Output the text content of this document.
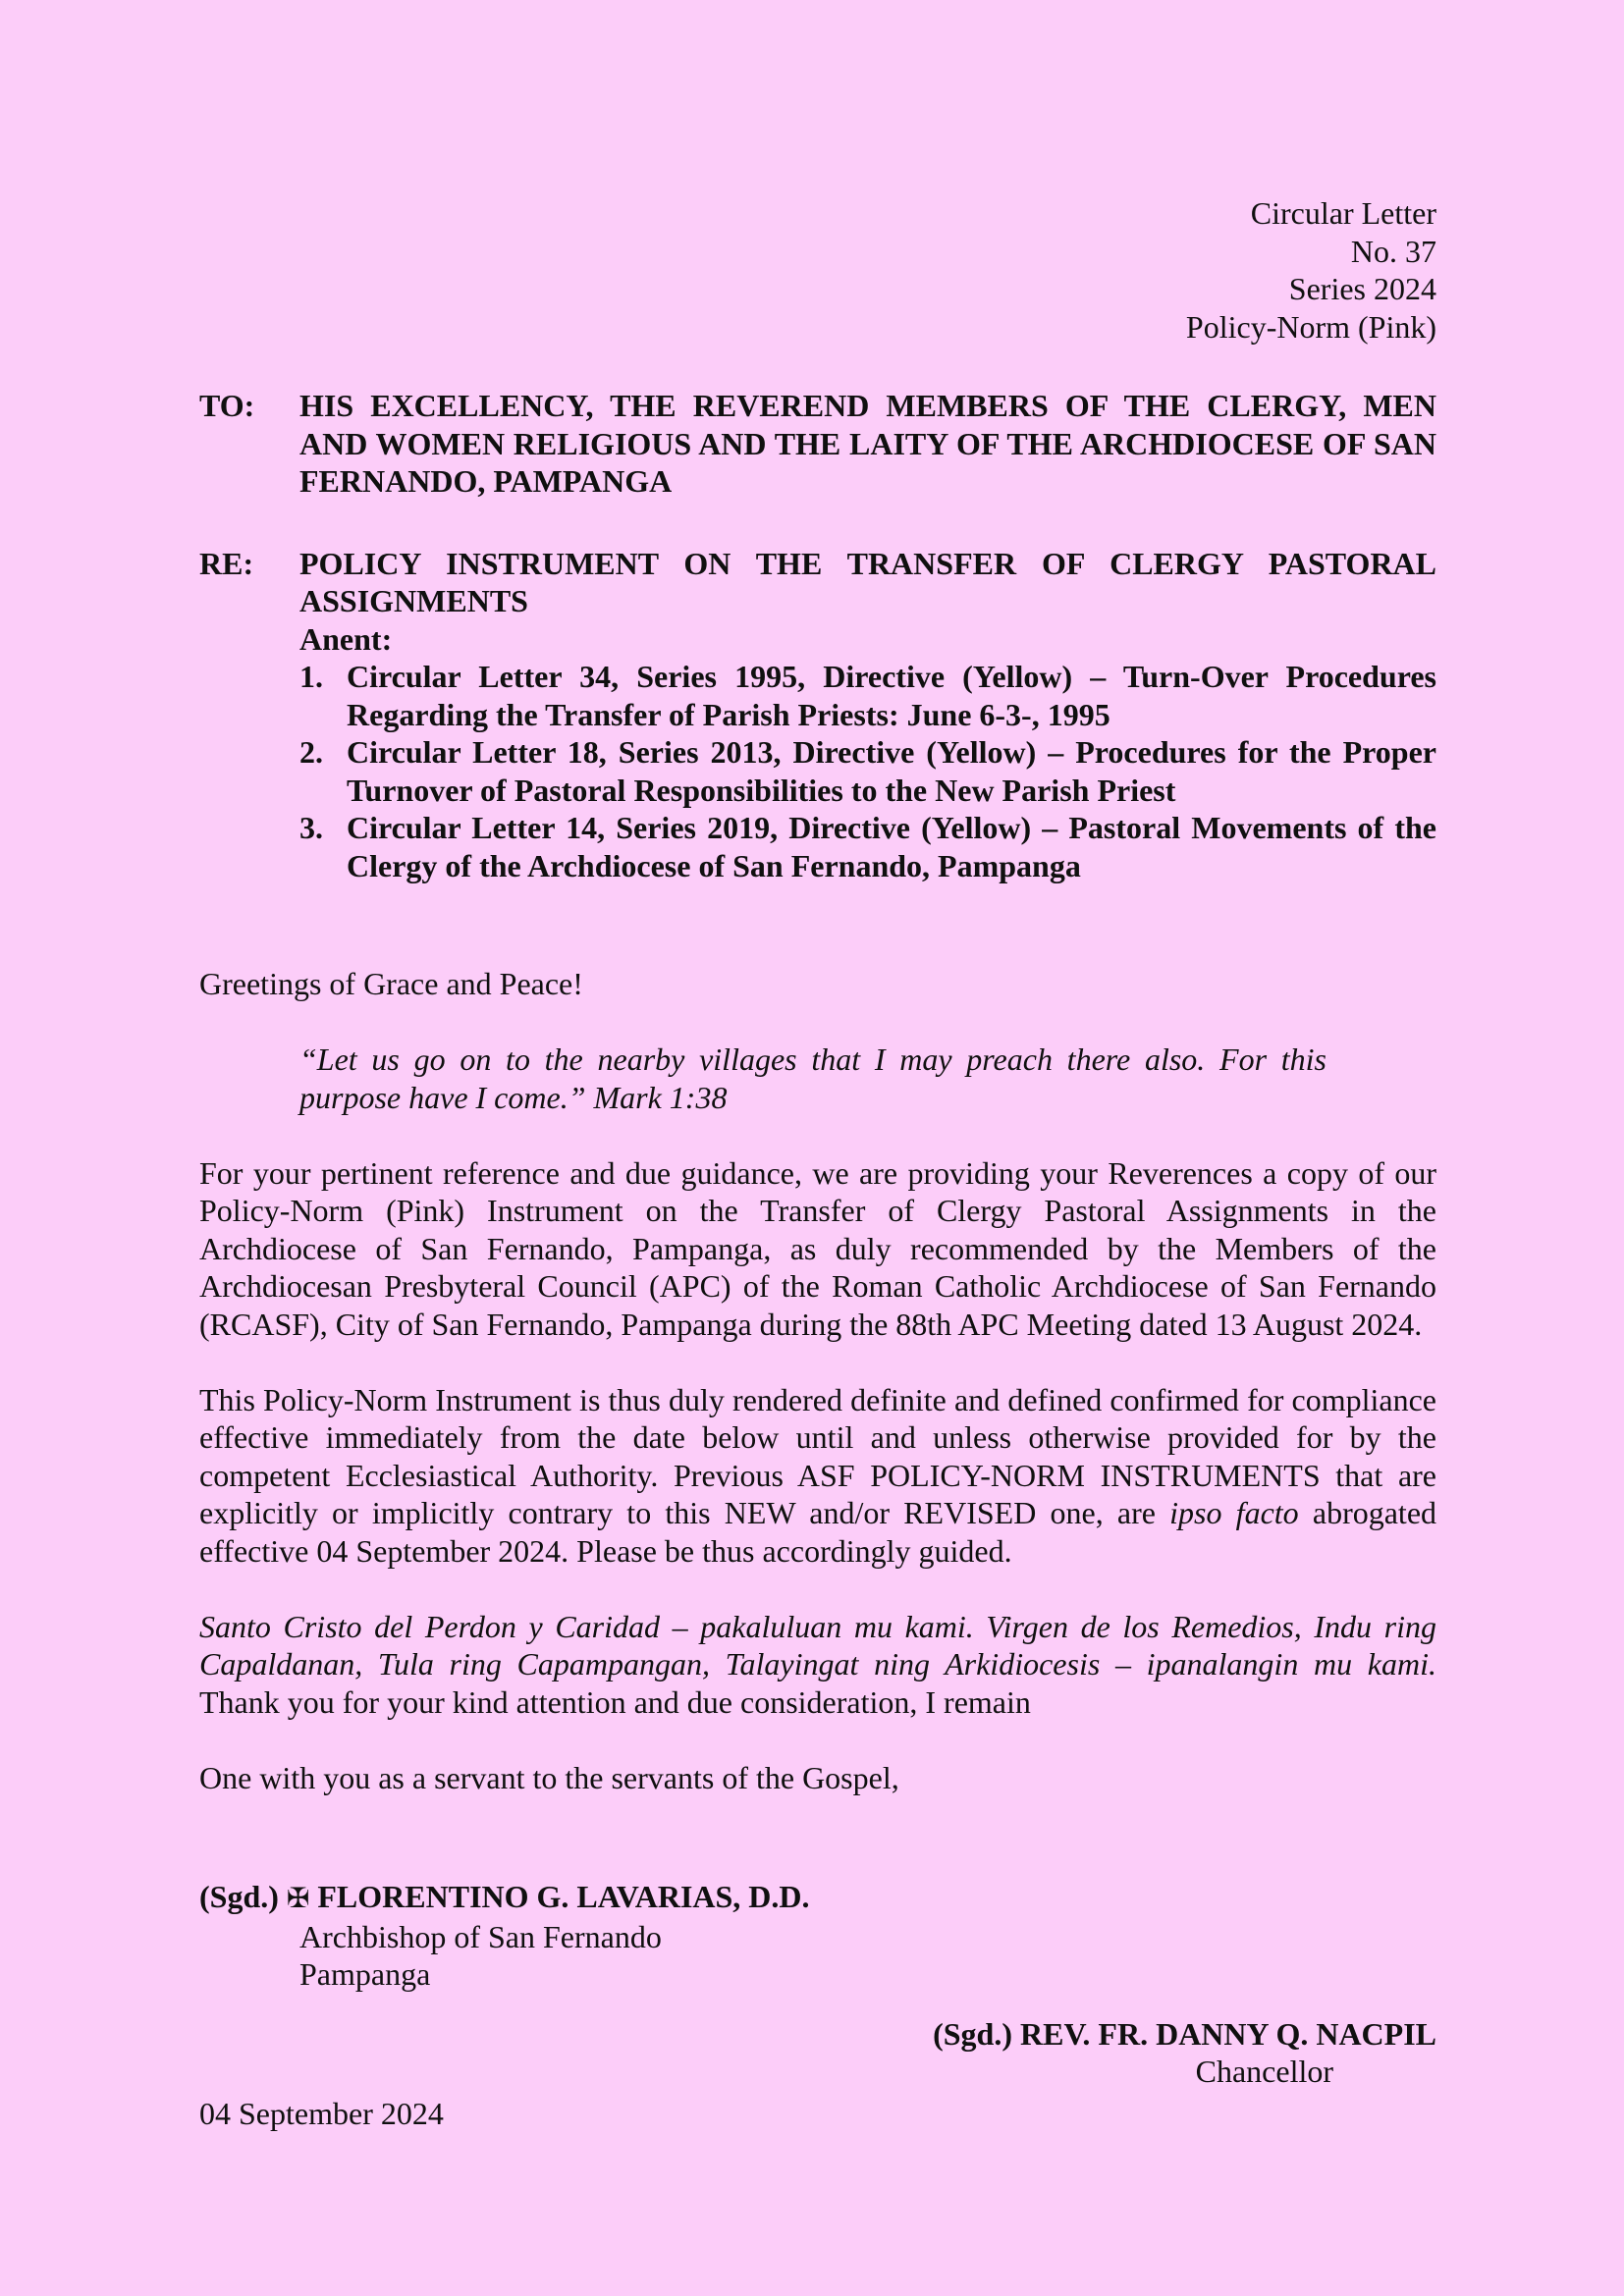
Circular Letter
No. 37
Series 2024
Policy-Norm (Pink)
TO:	HIS EXCELLENCY, THE REVEREND MEMBERS OF THE CLERGY, MEN AND WOMEN RELIGIOUS AND THE LAITY OF THE ARCHDIOCESE OF SAN FERNANDO, PAMPANGA
RE:	POLICY INSTRUMENT ON THE TRANSFER OF CLERGY PASTORAL ASSIGNMENTS
Anent:
1. Circular Letter 34, Series 1995, Directive (Yellow) – Turn-Over Procedures Regarding the Transfer of Parish Priests: June 6-3-, 1995
2. Circular Letter 18, Series 2013, Directive (Yellow) – Procedures for the Proper Turnover of Pastoral Responsibilities to the New Parish Priest
3. Circular Letter 14, Series 2019, Directive (Yellow) – Pastoral Movements of the Clergy of the Archdiocese of San Fernando, Pampanga

Greetings of Grace and Peace!

“Let us go on to the nearby villages that I may preach there also. For this purpose have I come.” Mark 1:38

For your pertinent reference and due guidance, we are providing your Reverences a copy of our Policy-Norm (Pink) Instrument on the Transfer of Clergy Pastoral Assignments in the Archdiocese of San Fernando, Pampanga, as duly recommended by the Members of the Archdiocesan Presbyteral Council (APC) of the Roman Catholic Archdiocese of San Fernando (RCASF), City of San Fernando, Pampanga during the 88th APC Meeting dated 13 August 2024.

This Policy-Norm Instrument is thus duly rendered definite and defined confirmed for compliance effective immediately from the date below until and unless otherwise provided for by the competent Ecclesiastical Authority. Previous ASF POLICY-NORM INSTRUMENTS that are explicitly or implicitly contrary to this NEW and/or REVISED one, are ipso facto abrogated effective 04 September 2024. Please be thus accordingly guided.

Santo Cristo del Perdon y Caridad – pakaluluan mu kami. Virgen de los Remedios, Indu ring Capaldanan, Tula ring Capampangan, Talayingat ning Arkidiocesis – ipanalangin mu kami. Thank you for your kind attention and due consideration, I remain

One with you as a servant to the servants of the Gospel,

(Sgd.) ✠ FLORENTINO G. LAVARIAS, D.D.
Archbishop of San Fernando
Pampanga
(Sgd.) REV. FR. DANNY Q. NACPIL
Chancellor
04 September 2024
